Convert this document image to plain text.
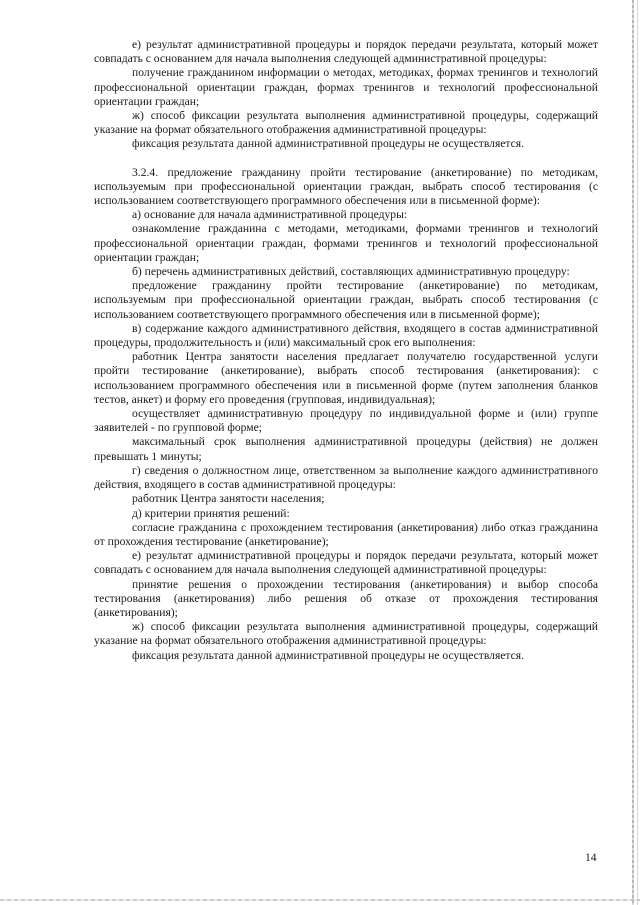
е) результат административной процедуры и порядок передачи результата, который может совпадать с основанием для начала выполнения следующей административной процедуры:

получение гражданином информации о методах, методиках, формах тренингов и технологий профессиональной ориентации граждан, формах тренингов и технологий профессиональной ориентации граждан;

ж) способ фиксации результата выполнения административной процедуры, содержащий указание на формат обязательного отображения административной процедуры:

фиксация результата данной административной процедуры не осуществляется.

3.2.4. предложение гражданину пройти тестирование (анкетирование) по методикам, используемым при профессиональной ориентации граждан, выбрать способ тестирования (с использованием соответствующего программного обеспечения или в письменной форме):

а) основание для начала административной процедуры:

ознакомление гражданина с методами, методиками, формами тренингов и технологий профессиональной ориентации граждан, формами тренингов и технологий профессиональной ориентации граждан;

б) перечень административных действий, составляющих административную процедуру:

предложение гражданину пройти тестирование (анкетирование) по методикам, используемым при профессиональной ориентации граждан, выбрать способ тестирования (с использованием соответствующего программного обеспечения или в письменной форме);

в) содержание каждого административного действия, входящего в состав административной процедуры, продолжительность и (или) максимальный срок его выполнения:

работник Центра занятости населения предлагает получателю государственной услуги пройти тестирование (анкетирование), выбрать способ тестирования (анкетирования): с использованием программного обеспечения или в письменной форме (путем заполнения бланков тестов, анкет) и форму его проведения (групповая, индивидуальная);

осуществляет административную процедуру по индивидуальной форме и (или) группе заявителей - по групповой форме;

максимальный срок выполнения административной процедуры (действия) не должен превышать 1 минуты;

г) сведения о должностном лице, ответственном за выполнение каждого административного действия, входящего в состав административной процедуры:

работник Центра занятости населения;

д) критерии принятия решений:

согласие гражданина с прохождением тестирования (анкетирования) либо отказ гражданина от прохождения тестирование (анкетирование);

е) результат административной процедуры и порядок передачи результата, который может совпадать с основанием для начала выполнения следующей административной процедуры:

принятие решения о прохождении тестирования (анкетирования) и выбор способа тестирования (анкетирования) либо решения об отказе от прохождения тестирования (анкетирования);

ж) способ фиксации результата выполнения административной процедуры, содержащий указание на формат обязательного отображения административной процедуры:

фиксация результата данной административной процедуры не осуществляется.

14
